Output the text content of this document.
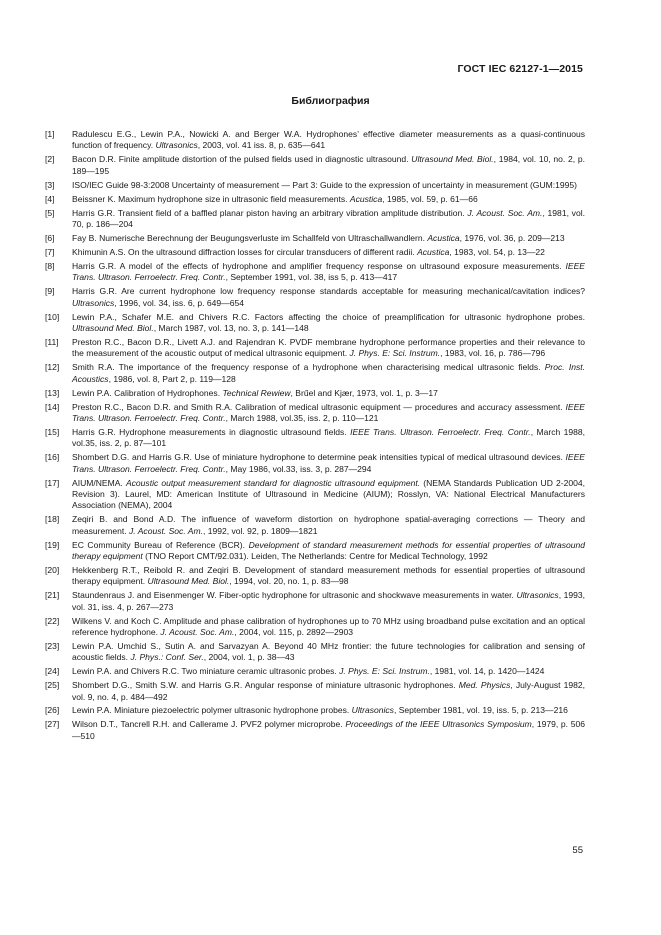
ГОСТ IEC 62127-1—2015
Библиография
[1]	Radulescu E.G., Lewin P.A., Nowicki A. and Berger W.A. Hydrophones’ effective diameter measurements as a quasi-continuous function of frequency. Ultrasonics, 2003, vol. 41 iss. 8, p. 635—641
[2]	Bacon D.R. Finite amplitude distortion of the pulsed fields used in diagnostic ultrasound. Ultrasound Med. Biol., 1984, vol. 10, no. 2, p. 189—195
[3]	ISO/IEC Guide 98-3:2008 Uncertainty of measurement — Part 3: Guide to the expression of uncertainty in measurement (GUM:1995)
[4]	Beissner K. Maximum hydrophone size in ultrasonic field measurements. Acustica, 1985, vol. 59, p. 61—66
[5]	Harris G.R. Transient field of a baffled planar piston having an arbitrary vibration amplitude distribution. J. Acoust. Soc. Am., 1981, vol. 70, p. 186—204
[6]	Fay B. Numerische Berechnung der Beugungsverluste im Schallfeld von Ultraschallwandlern. Acustica, 1976, vol. 36, p. 209—213
[7]	Khimunin A.S. On the ultrasound diffraction losses for circular transducers of different radii. Acustica, 1983, vol. 54, p. 13—22
[8]	Harris G.R. A model of the effects of hydrophone and amplifier frequency response on ultrasound exposure measurements. IEEE Trans. Ultrason. Ferroelectr. Freq. Contr., September 1991, vol. 38, iss 5, p. 413—417
[9]	Harris G.R. Are current hydrophone low frequency response standards acceptable for measuring mechanical/cavitation indices? Ultrasonics, 1996, vol. 34, iss. 6, p. 649—654
[10]	Lewin P.A., Schafer M.E. and Chivers R.C. Factors affecting the choice of preamplification for ultrasonic hydrophone probes. Ultrasound Med. Biol., March 1987, vol. 13, no. 3, p. 141—148
[11]	Preston R.C., Bacon D.R., Livett A.J. and Rajendran K. PVDF membrane hydrophone performance properties and their relevance to the measurement of the acoustic output of medical ultrasonic equipment. J. Phys. E: Sci. Instrum., 1983, vol. 16, p. 786—796
[12]	Smith R.A. The importance of the frequency response of a hydrophone when characterising medical ultrasonic fields. Proc. Inst. Acoustics, 1986, vol. 8, Part 2, p. 119—128
[13]	Lewin P.A. Calibration of Hydrophones. Technical Rewiew, Brűel and Kjær, 1973, vol. 1, p. 3—17
[14]	Preston R.C., Bacon D.R. and Smith R.A. Calibration of medical ultrasonic equipment — procedures and accuracy assessment. IEEE Trans. Ultrason. Ferroelectr. Freq. Contr., March 1988, vol.35, iss. 2, p. 110—121
[15]	Harris G.R. Hydrophone measurements in diagnostic ultrasound fields. IEEE Trans. Ultrason. Ferroelectr. Freq. Contr., March 1988, vol.35, iss. 2, p. 87—101
[16]	Shombert D.G. and Harris G.R. Use of miniature hydrophone to determine peak intensities typical of medical ultrasound devices. IEEE Trans. Ultrason. Ferroelectr. Freq. Contr., May 1986, vol.33, iss. 3, p. 287—294
[17]	AIUM/NEMA. Acoustic output measurement standard for diagnostic ultrasound equipment. (NEMA Standards Publication UD 2-2004, Revision 3). Laurel, MD: American Institute of Ultrasound in Medicine (AIUM); Rosslyn, VA: National Electrical Manufacturers Association (NEMA), 2004
[18]	Zeqiri B. and Bond A.D. The influence of waveform distortion on hydrophone spatial-averaging corrections — Theory and measurement. J. Acoust. Soc. Am., 1992, vol. 92, p. 1809—1821
[19]	EC Community Bureau of Reference (BCR). Development of standard measurement methods for essential properties of ultrasound therapy equipment (TNO Report CMT/92.031). Leiden, The Netherlands: Centre for Medical Technology, 1992
[20]	Hekkenberg R.T., Reibold R. and Zeqiri B. Development of standard measurement methods for essential properties of ultrasound therapy equipment. Ultrasound Med. Biol., 1994, vol. 20, no. 1, p. 83—98
[21]	Staundenraus J. and Eisenmenger W. Fiber-optic hydrophone for ultrasonic and shockwave measurements in water. Ultrasonics, 1993, vol. 31, iss. 4, p. 267—273
[22]	Wilkens V. and Koch C. Amplitude and phase calibration of hydrophones up to 70 MHz using broadband pulse excitation and an optical reference hydrophone. J. Acoust. Soc. Am., 2004, vol. 115, p. 2892—2903
[23]	Lewin P.A. Umchid S., Sutin A. and Sarvazyan A. Beyond 40 MHz frontier: the future technologies for calibration and sensing of acoustic fields. J. Phys.: Conf. Ser., 2004, vol. 1, p. 38—43
[24]	Lewin P.A. and Chivers R.C. Two miniature ceramic ultrasonic probes. J. Phys. E: Sci. Instrum., 1981, vol. 14, p. 1420—1424
[25]	Shombert D.G., Smith S.W. and Harris G.R. Angular response of miniature ultrasonic hydrophones. Med. Physics, July-August 1982, vol. 9, no. 4, p. 484—492
[26]	Lewin P.A. Miniature piezoelectric polymer ultrasonic hydrophone probes. Ultrasonics, September 1981, vol. 19, iss. 5, p. 213—216
[27]	Wilson D.T., Tancrell R.H. and Callerame J. PVF2 polymer microprobe. Proceedings of the IEEE Ultrasonics Symposium, 1979, p. 506—510
55
